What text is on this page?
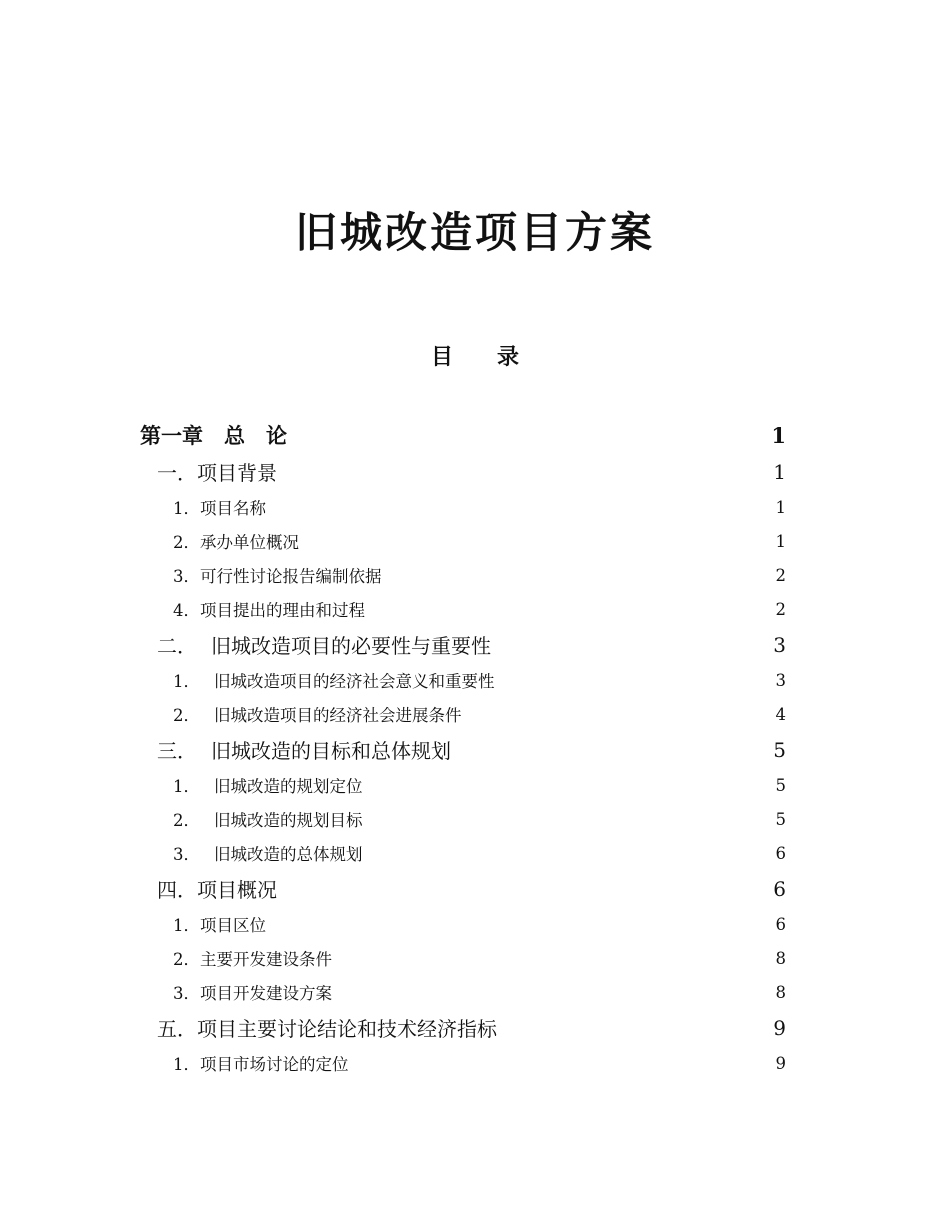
旧城改造项目方案
目　　录
第一章　总　论	1
一． 项目背景	1
1． 项目名称	1
2． 承办单位概况	1
3． 可行性讨论报告编制依据	2
4． 项目提出的理由和过程	2
二． 旧城改造项目的必要性与重要性	3
1． 旧城改造项目的经济社会意义和重要性	3
2． 旧城改造项目的经济社会进展条件	4
三． 旧城改造的目标和总体规划	5
1． 旧城改造的规划定位	5
2． 旧城改造的规划目标	5
3． 旧城改造的总体规划	6
四． 项目概况	6
1． 项目区位	6
2． 主要开发建设条件	8
3． 项目开发建设方案	8
五． 项目主要讨论结论和技术经济指标	9
1． 项目市场讨论的定位	9
